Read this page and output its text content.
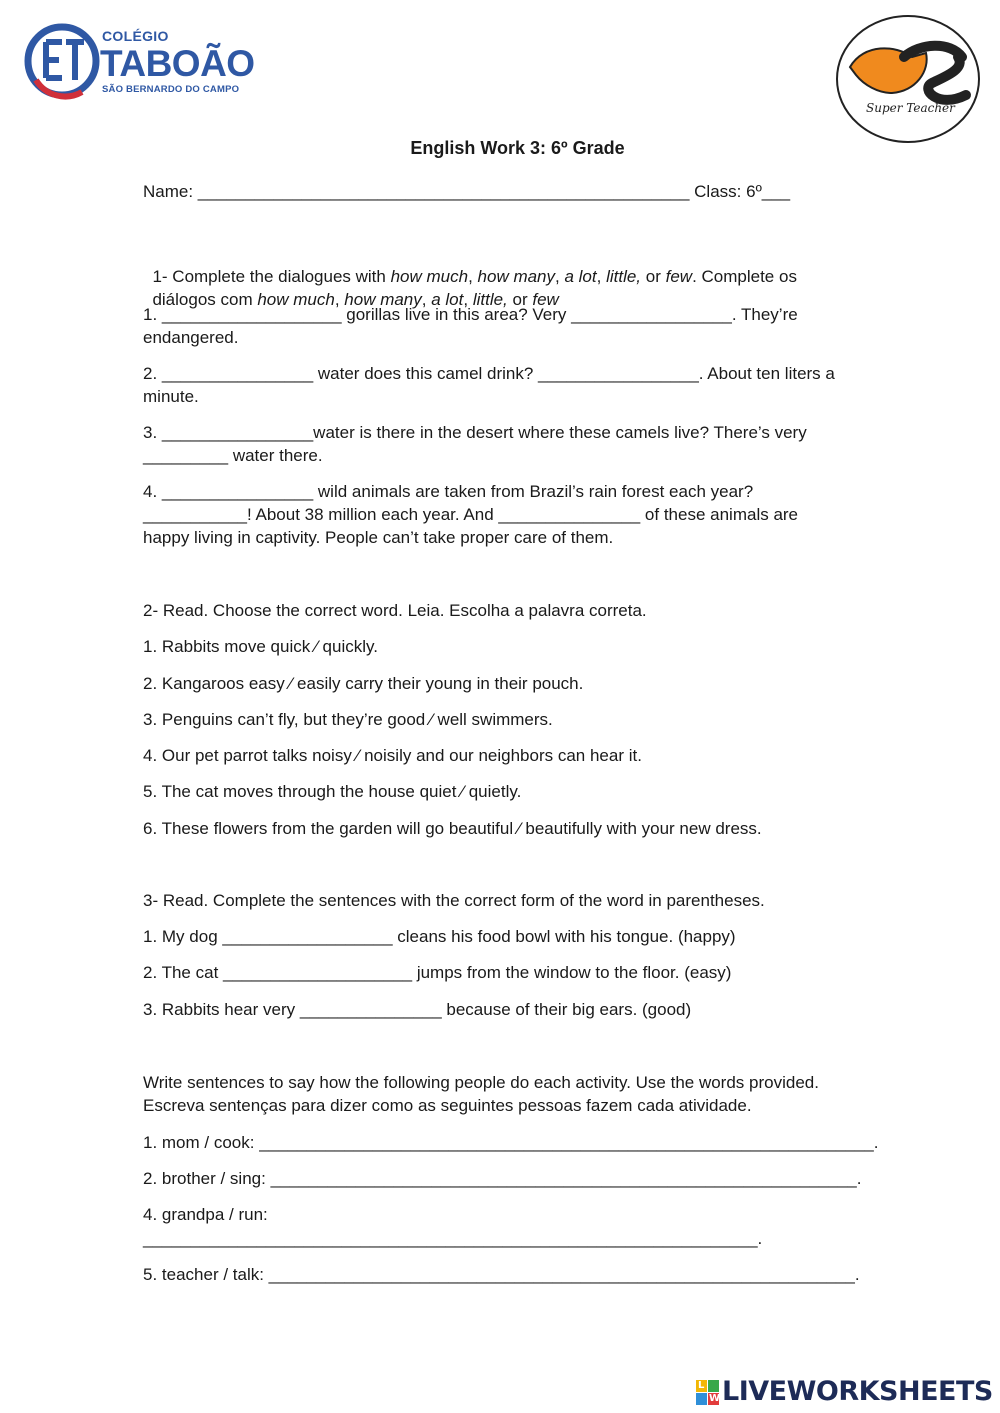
COLÉGIO
TABOÃO
SÃO BERNARDO DO CAMPO
Super Teacher
English Work 3: 6º Grade
Name: ____________________________________________________ Class: 6º___

1- Complete the dialogues with how much, how many, a lot, little, or few. Complete os

diálogos com how much, how many, a lot, little, or few

1. ___________________ gorillas live in this area? Very _________________. They’re
endangered.
2. ________________ water does this camel drink? _________________. About ten liters a
minute.
3. ________________water is there in the desert where these camels live? There’s very
_________ water there.
4. ________________ wild animals are taken from Brazil’s rain forest each year?
___________! About 38 million each year. And _______________ of these animals are
happy living in captivity. People can’t take proper care of them.
2- Read. Choose the correct word. Leia. Escolha a palavra correta.
1. Rabbits move quick ⁄ quickly.
2. Kangaroos easy ⁄ easily carry their young in their pouch.
3. Penguins can’t fly, but they’re good ⁄ well swimmers.
4. Our pet parrot talks noisy ⁄ noisily and our neighbors can hear it.
5. The cat moves through the house quiet ⁄ quietly.
6. These flowers from the garden will go beautiful ⁄ beautifully with your new dress.
3- Read. Complete the sentences with the correct form of the word in parentheses.
1. My dog __________________ cleans his food bowl with his tongue. (happy)
2. The cat ____________________ jumps from the window to the floor. (easy)
3. Rabbits hear very _______________ because of their big ears. (good)
Write sentences to say how the following people do each activity. Use the words provided.
Escreva sentenças para dizer como as seguintes pessoas fazem cada atividade.
1. mom / cook: _________________________________________________________________.
2. brother / sing: ______________________________________________________________.
4. grandpa / run:
_________________________________________________________________.
5. teacher / talk: ______________________________________________________________.
L
W LIVEWORKSHEETS
